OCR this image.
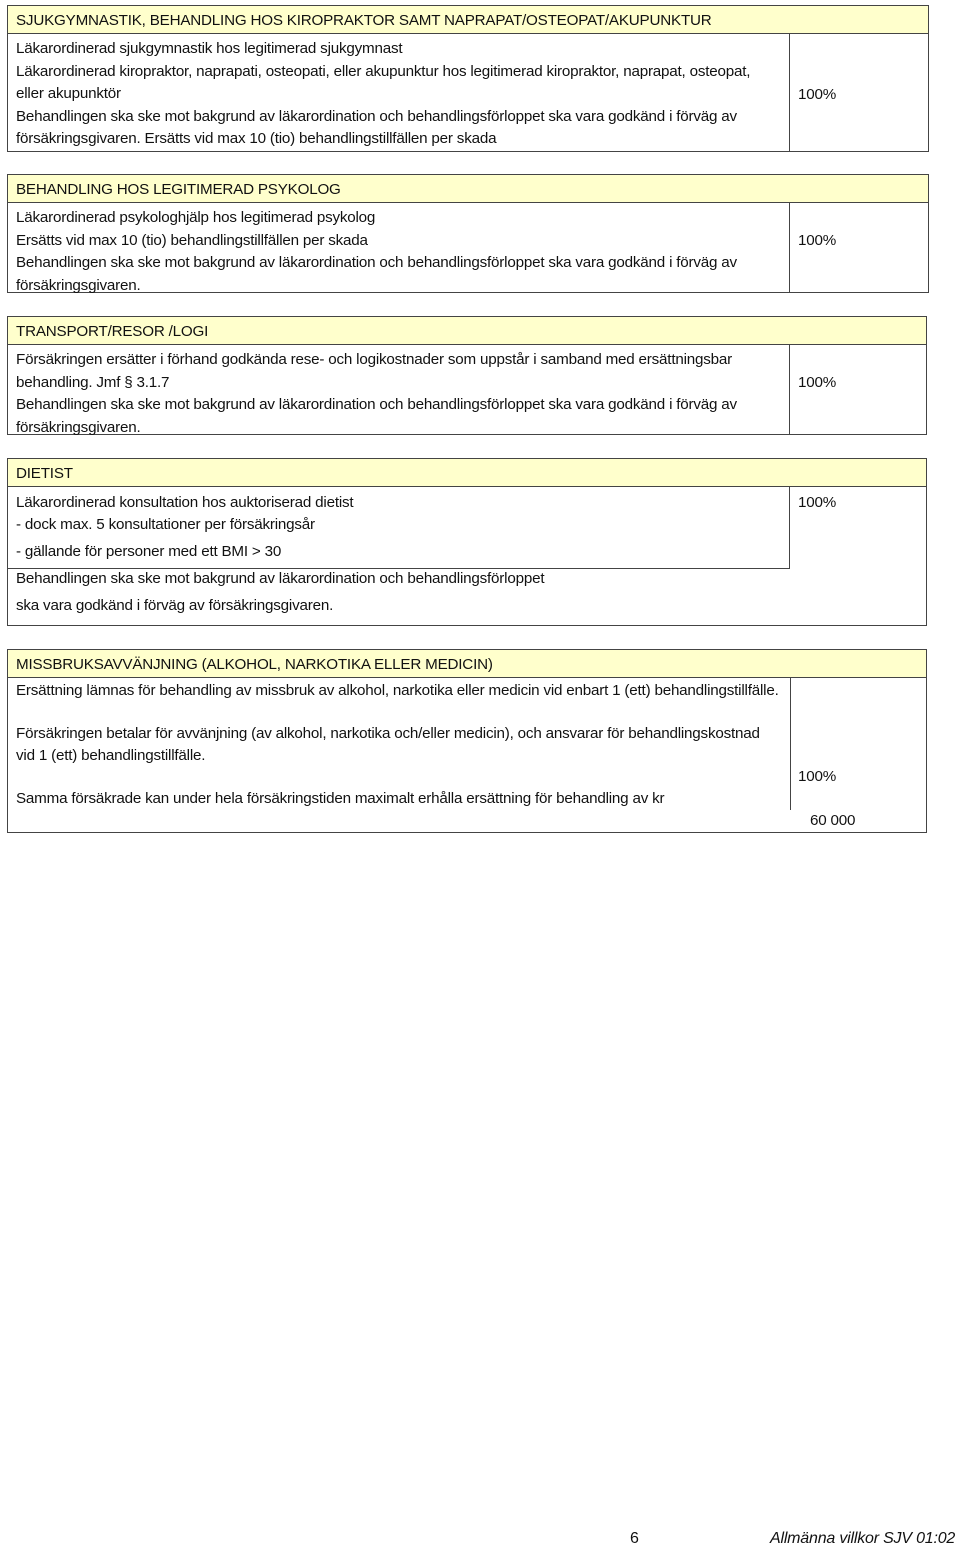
SJUKGYMNASTIK, BEHANDLING HOS KIROPRAKTOR SAMT NAPRAPAT/OSTEOPAT/AKUPUNKTUR

Läkarordinerad sjukgymnastik hos legitimerad sjukgymnast

Läkarordinerad kiropraktor, naprapati, osteopati, eller akupunktur hos legitimerad kiropraktor, naprapat, osteopat, eller akupunktör

Behandlingen ska ske mot bakgrund av läkarordination och behandlingsförloppet ska vara godkänd i förväg av försäkringsgivaren. Ersätts vid max 10 (tio) behandlingstillfällen per skada

100%
BEHANDLING HOS LEGITIMERAD PSYKOLOG

Läkarordinerad psykologhjälp hos legitimerad psykolog

Ersätts vid max 10 (tio) behandlingstillfällen per skada

Behandlingen ska ske mot bakgrund av läkarordination och behandlingsförloppet ska vara godkänd i förväg av försäkringsgivaren.

100%
TRANSPORT/RESOR /LOGI

Försäkringen ersätter i förhand godkända rese- och logikostnader som uppstår i samband med ersättningsbar behandling. Jmf § 3.1.7

Behandlingen ska ske mot bakgrund av läkarordination och behandlingsförloppet ska vara godkänd i förväg av försäkringsgivaren.

100%
DIETIST

Läkarordinerad konsultation hos auktoriserad dietist

- dock max. 5 konsultationer per försäkringsår

- gällande för personer med ett BMI > 30

Behandlingen ska ske mot bakgrund av läkarordination och behandlingsförloppet

ska vara godkänd i förväg av försäkringsgivaren.

100%
MISSBRUKSAVVÄNJNING (ALKOHOL, NARKOTIKA ELLER MEDICIN)

Ersättning lämnas för behandling av missbruk av alkohol, narkotika eller medicin vid enbart 1 (ett) behandlingstillfälle.

Försäkringen betalar för avvänjning (av alkohol, narkotika och/eller medicin), och ansvarar för behandlingskostnad vid 1 (ett) behandlingstillfälle.

Samma försäkrade kan under hela försäkringstiden maximalt erhålla ersättning för behandling av kr

100%
60 000
6	Allmänna villkor SJV 01:02
